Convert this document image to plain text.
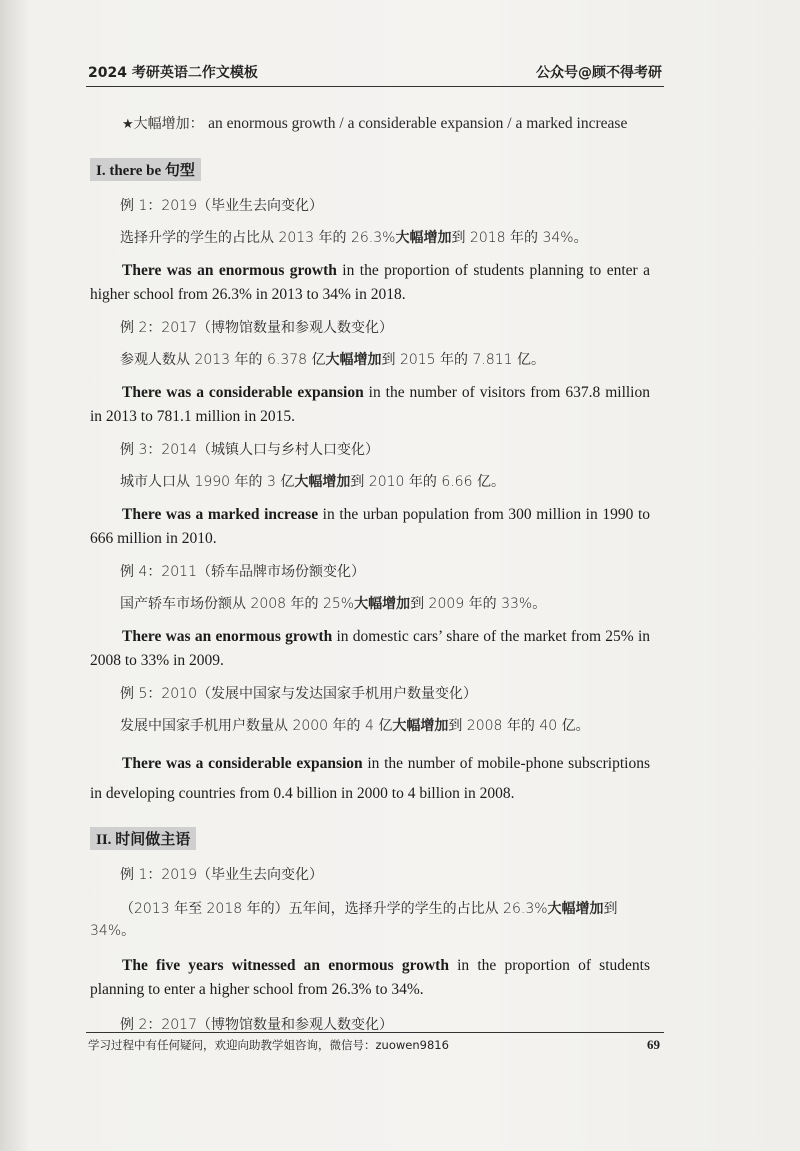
2024 考研英语二作文模板	公众号@顾不得考研

★大幅增加： an enormous growth / a considerable expansion / a marked increase

I. there be 句型

例 1：2019（毕业生去向变化）

选择升学的学生的占比从 2013 年的 26.3%大幅增加到 2018 年的 34%。

There was an enormous growth in the proportion of students planning to enter a higher school from 26.3% in 2013 to 34% in 2018.

例 2：2017（博物馆数量和参观人数变化）

参观人数从 2013 年的 6.378 亿大幅增加到 2015 年的 7.811 亿。

There was a considerable expansion in the number of visitors from 637.8 million in 2013 to 781.1 million in 2015.

例 3：2014（城镇人口与乡村人口变化）

城市人口从 1990 年的 3 亿大幅增加到 2010 年的 6.66 亿。

There was a marked increase in the urban population from 300 million in 1990 to 666 million in 2010.

例 4：2011（轿车品牌市场份额变化）

国产轿车市场份额从 2008 年的 25%大幅增加到 2009 年的 33%。

There was an enormous growth in domestic cars’ share of the market from 25% in 2008 to 33% in 2009.

例 5：2010（发展中国家与发达国家手机用户数量变化）

发展中国家手机用户数量从 2000 年的 4 亿大幅增加到 2008 年的 40 亿。

There was a considerable expansion in the number of mobile-phone subscriptions in developing countries from 0.4 billion in 2000 to 4 billion in 2008.

II. 时间做主语

例 1：2019（毕业生去向变化）

（2013 年至 2018 年的）五年间，选择升学的学生的占比从 26.3%大幅增加到 34%。

The five years witnessed an enormous growth in the proportion of students planning to enter a higher school from 26.3% to 34%.

例 2：2017（博物馆数量和参观人数变化）

学习过程中有任何疑问，欢迎向助教学姐咨询，微信号：zuowen9816	69
